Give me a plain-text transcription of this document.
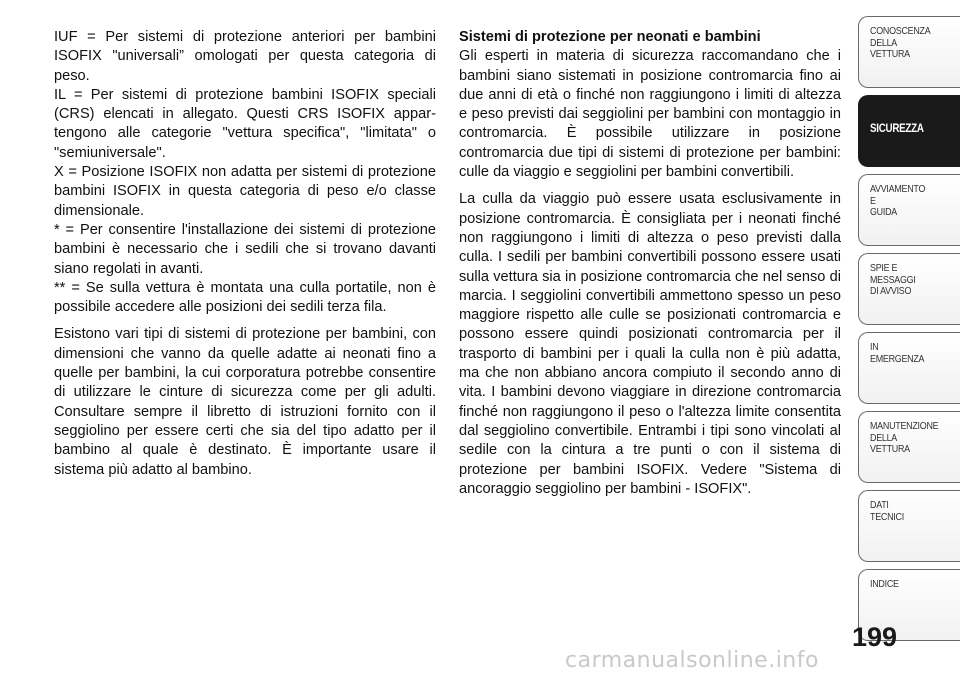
IUF = Per sistemi di protezione anteriori per bambini ISOFIX "universali” omologati per questa categoria di peso.

IL = Per sistemi di protezione bambini ISOFIX speciali (CRS) elencati in allegato. Questi CRS ISOFIX appartengono alle categorie "vettura specifica", "limitata" o "semiuniversale".

X = Posizione ISOFIX non adatta per sistemi di protezione bambini ISOFIX in questa categoria di peso e/o classe dimensionale.

* = Per consentire l'installazione dei sistemi di protezione bambini è necessario che i sedili che si trovano davanti siano regolati in avanti.

** = Se sulla vettura è montata una culla portatile, non è possibile accedere alle posizioni dei sedili terza fila.

Esistono vari tipi di sistemi di protezione per bambini, con dimensioni che vanno da quelle adatte ai neonati fino a quelle per bambini, la cui corporatura potrebbe consentire di utilizzare le cinture di sicurezza come per gli adulti. Consultare sempre il libretto di istruzioni fornito con il seggiolino per essere certi che sia del tipo adatto per il bambino al quale è destinato. È importante usare il sistema più adatto al bambino.

Sistemi di protezione per neonati e bambini

Gli esperti in materia di sicurezza raccomandano che i bambini siano sistemati in posizione contromarcia fino ai due anni di età o finché non raggiungono i limiti di altezza e peso previsti dai seggiolini per bambini con montaggio in contromarcia. È possibile utilizzare in posizione contromarcia due tipi di sistemi di protezione per bambini: culle da viaggio e seggiolini per bambini convertibili.

La culla da viaggio può essere usata esclusivamente in posizione contromarcia. È consigliata per i neonati finché non raggiungono i limiti di altezza o peso previsti dalla culla. I sedili per bambini convertibili possono essere usati sulla vettura sia in posizione contromarcia che nel senso di marcia. I seggiolini convertibili ammettono spesso un peso maggiore rispetto alle culle se posizionati contromarcia e possono essere quindi posizionati contromarcia per il trasporto di bambini per i quali la culla non è più adatta, ma che non abbiano ancora compiuto il secondo anno di vita. I bambini devono viaggiare in direzione contromarcia finché non raggiungono il peso o l'altezza limite consentita dal seggiolino convertibile. Entrambi i tipi sono vincolati al sedile con la cintura a tre punti o con il sistema di protezione per bambini ISOFIX. Vedere "Sistema di ancoraggio seggiolino per bambini - ISOFIX".

CONOSCENZA
DELLA
VETTURA
SICUREZZA
AVVIAMENTO
E
GUIDA
SPIE E
MESSAGGI
DI AVVISO
IN
EMERGENZA
MANUTENZIONE
DELLA
VETTURA
DATI
TECNICI
INDICE
199
carmanualsonline.info
